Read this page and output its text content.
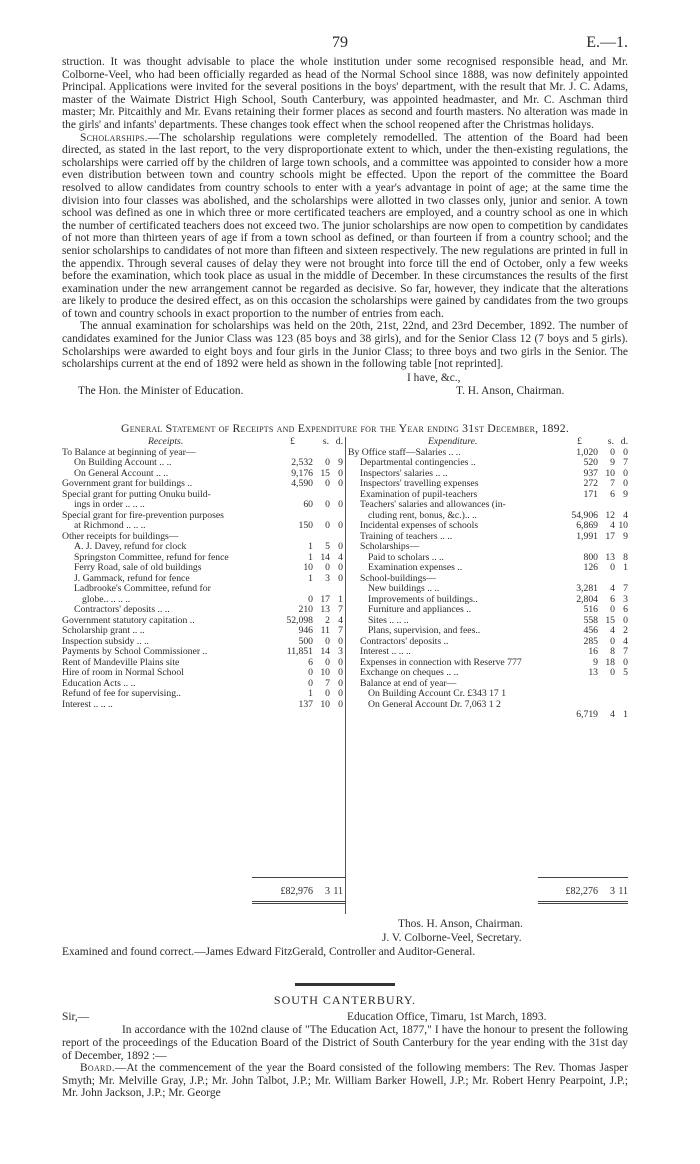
79	E.—1.

struction. It was thought advisable to place the whole institution under some recognised responsible head, and Mr. Colborne-Veel, who had been officially regarded as head of the Normal School since 1888, was now definitely appointed Principal. Applications were invited for the several positions in the boys' department, with the result that Mr. J. C. Adams, master of the Waimate District High School, South Canterbury, was appointed headmaster, and Mr. C. Aschman third master; Mr. Pitcaithly and Mr. Evans retaining their former places as second and fourth masters. No alteration was made in the girls' and infants' departments. These changes took effect when the school reopened after the Christmas holidays.

Scholarships.—The scholarship regulations were completely remodelled. The attention of the Board had been directed, as stated in the last report, to the very disproportionate extent to which, under the then-existing regulations, the scholarships were carried off by the children of large town schools, and a committee was appointed to consider how a more even distribution between town and country schools might be effected. Upon the report of the committee the Board resolved to allow candidates from country schools to enter with a year's advantage in point of age; at the same time the division into four classes was abolished, and the scholarships were allotted in two classes only, junior and senior. A town school was defined as one in which three or more certificated teachers are employed, and a country school as one in which the number of certificated teachers does not exceed two. The junior scholarships are now open to competition by candidates of not more than thirteen years of age if from a town school as defined, or than fourteen if from a country school; and the senior scholarships to candidates of not more than fifteen and sixteen respectively. The new regulations are printed in full in the appendix. Through several causes of delay they were not brought into force till the end of October, only a few weeks before the examination, which took place as usual in the middle of December. In these circumstances the results of the first examination under the new arrangement cannot be regarded as decisive. So far, however, they indicate that the alterations are likely to produce the desired effect, as on this occasion the scholarships were gained by candidates from the two groups of town and country schools in exact proportion to the number of entries from each.

The annual examination for scholarships was held on the 20th, 21st, 22nd, and 23rd December, 1892. The number of candidates examined for the Junior Class was 123 (85 boys and 38 girls), and for the Senior Class 12 (7 boys and 5 girls). Scholarships were awarded to eight boys and four girls in the Junior Class; to three boys and two girls in the Senior. The scholarships current at the end of 1892 were held as shown in the following table [not reprinted].

I have, &c.,
The Hon. the Minister of Education.	T. H. Anson, Chairman.
General Statement of Receipts and Expenditure for the Year ending 31st December, 1892.
Receipts.	£	s. d.
To Balance at beginning of year—
On Building Account .. ..	2,532 0 9
On General Account .. ..	9,176 15 0
Government grant for buildings ..	4,590 0 0
Special grant for putting Onuku build-
ings in order .. .. ..	60 0 0
Special grant for fire-prevention purposes
at Richmond .. .. ..	150 0 0
Other receipts for buildings—
A. J. Davey, refund for clock	1 5 0
Springston Committee, refund for fence	1 14 4
Ferry Road, sale of old buildings	10 0 0
J. Gammack, refund for fence	1 3 0
Ladbrooke's Committee, refund for
globe.. .. .. ..	0 17 1
Contractors' deposits .. ..	210 13 7
Government statutory capitation ..	52,098 2 4
Scholarship grant .. ..	946 11 7
Inspection subsidy .. ..	500 0 0
Payments by School Commissioner ..	11,851 14 3
Rent of Mandeville Plains site	6 0 0
Hire of room in Normal School	0 10 0
Education Acts .. ..	0 7 0
Refund of fee for supervising..	1 0 0
Interest .. .. ..	137 10 0
£82,976 3 11
Expenditure.	£	s. d.
By Office staff—Salaries .. ..	1,020 0 0
Departmental contingencies ..	520 9 7
Inspectors' salaries .. ..	937 10 0
Inspectors' travelling expenses	272 7 0
Examination of pupil-teachers	171 6 9
Teachers' salaries and allowances (in-
cluding rent, bonus, &c.).. ..	54,906 12 4
Incidental expenses of schools	6,869 4 10
Training of teachers .. ..	1,991 17 9
Scholarships—
Paid to scholars .. ..	800 13 8
Examination expenses ..	126 0 1
School-buildings—
New buildings .. ..	3,281 4 7
Improvements of buildings..	2,804 6 3
Furniture and appliances ..	516 0 6
Sites .. .. ..	558 15 0
Plans, supervision, and fees..	456 4 2
Contractors' deposits ..	285 0 4
Interest .. .. ..	16 8 7
Expenses in connection with Reserve 777	9 18 0
Exchange on cheques .. ..	13 0 5
Balance at end of year—
On Building Account Cr. £343 17 1
On General Account Dr. 7,063 1 2
6,719 4 1
£82,276 3 11
Thos. H. Anson, Chairman.
J. V. Colborne-Veel, Secretary.

Examined and found correct.—James Edward FitzGerald, Controller and Auditor-General.

SOUTH CANTERBURY.
Sir,—	Education Office, Timaru, 1st March, 1893.

In accordance with the 102nd clause of "The Education Act, 1877," I have the honour to present the following report of the proceedings of the Education Board of the District of South Canterbury for the year ending with the 31st day of December, 1892 :—

Board.—At the commencement of the year the Board consisted of the following members: The Rev. Thomas Jasper Smyth; Mr. Melville Gray, J.P.; Mr. John Talbot, J.P.; Mr. William Barker Howell, J.P.; Mr. Robert Henry Pearpoint, J.P.; Mr. John Jackson, J.P.; Mr. George
